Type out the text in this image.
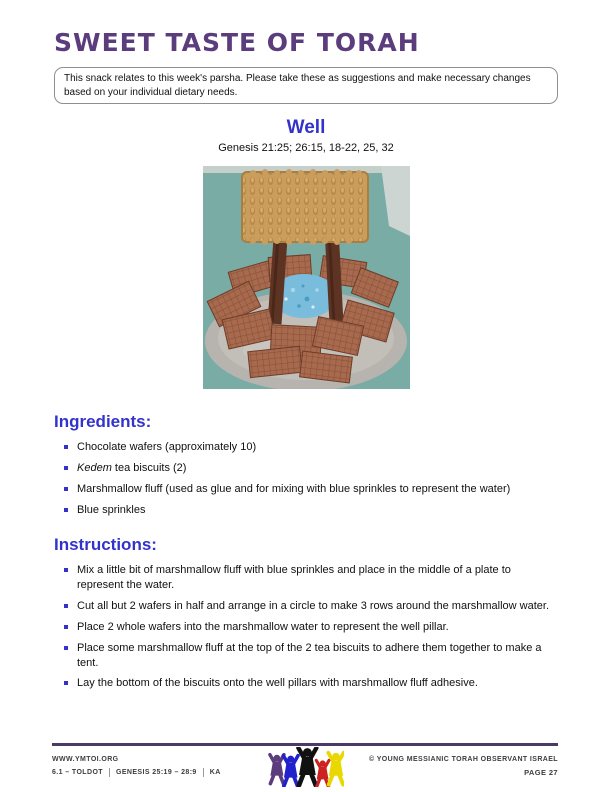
SWEET TASTE OF TORAH
This snack relates to this week's parsha. Please take these as suggestions and make necessary changes based on your individual dietary needs.
Well
Genesis 21:25; 26:15, 18-22, 25, 32
Ingredients:
Chocolate wafers (approximately 10)
Kedem tea biscuits (2)
Marshmallow fluff (used as glue and for mixing with blue sprinkles to represent the water)
Blue sprinkles
Instructions:
Mix a little bit of marshmallow fluff with blue sprinkles and place in the middle of a plate to represent the water.
Cut all but 2 wafers in half and arrange in a circle to make 3 rows around the marshmallow water.
Place 2 whole wafers into the marshmallow water to represent the well pillar.
Place some marshmallow fluff at the top of the 2 tea biscuits to adhere them together to make a tent.
Lay the bottom of the biscuits onto the well pillars with marshmallow fluff adhesive.
WWW.YMTOI.ORG
6.1 – TOLDOT GENESIS 25:19 – 28:9 KA
© YOUNG MESSIANIC TORAH OBSERVANT ISRAEL
PAGE 27
